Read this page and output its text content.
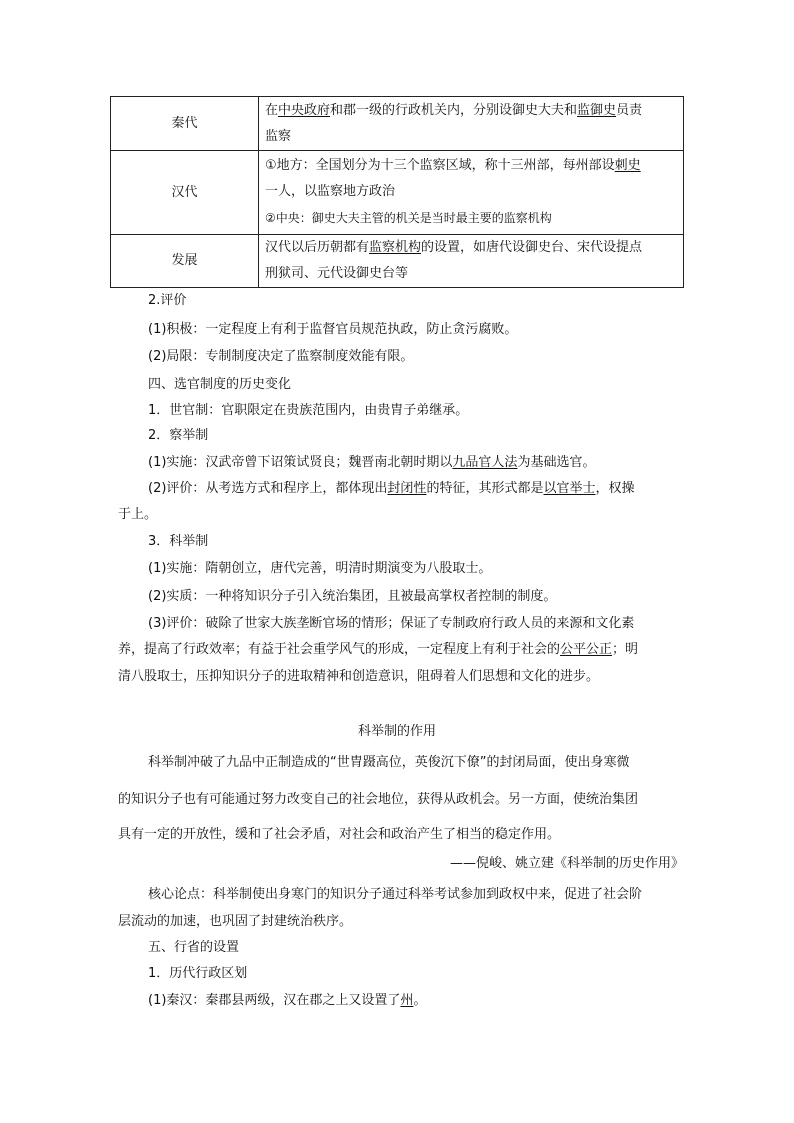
秦代	在中央政府和郡一级的行政机关内，分别设御史大夫和监御史员责
监察

汉代	①地方：全国划分为十三个监察区域，称十三州部，每州部设刺史
一人，以监察地方政治
②中央：御史大夫主管的机关是当时最主要的监察机构

发展	汉代以后历朝都有监察机构的设置，如唐代设御史台、宋代设提点
刑狱司、元代设御史台等
2.评价
(1)积极：一定程度上有利于监督官员规范执政，防止贪污腐败。
(2)局限：专制制度决定了监察制度效能有限。
四、选官制度的历史变化
1．世官制：官职限定在贵族范围内，由贵胄子弟继承。
2．察举制
(1)实施：汉武帝曾下诏策试贤良；魏晋南北朝时期以九品官人法为基础选官。
(2)评价：从考选方式和程序上，都体现出封闭性的特征，其形式都是以官举士，权操
于上。
3．科举制
(1)实施：隋朝创立，唐代完善，明清时期演变为八股取士。
(2)实质：一种将知识分子引入统治集团，且被最高掌权者控制的制度。
(3)评价：破除了世家大族垄断官场的情形；保证了专制政府行政人员的来源和文化素
养，提高了行政效率；有益于社会重学风气的形成，一定程度上有利于社会的公平公正；明
清八股取士，压抑知识分子的进取精神和创造意识，阻碍着人们思想和文化的进步。
科举制的作用
科举制冲破了九品中正制造成的“世胄蹑高位，英俊沉下僚”的封闭局面，使出身寒微
的知识分子也有可能通过努力改变自己的社会地位，获得从政机会。另一方面，使统治集团
具有一定的开放性，缓和了社会矛盾，对社会和政治产生了相当的稳定作用。
——倪峻、姚立建《科举制的历史作用》
核心论点：科举制使出身寒门的知识分子通过科举考试参加到政权中来，促进了社会阶
层流动的加速，也巩固了封建统治秩序。
五、行省的设置
1．历代行政区划
(1)秦汉：秦郡县两级，汉在郡之上又设置了州。
